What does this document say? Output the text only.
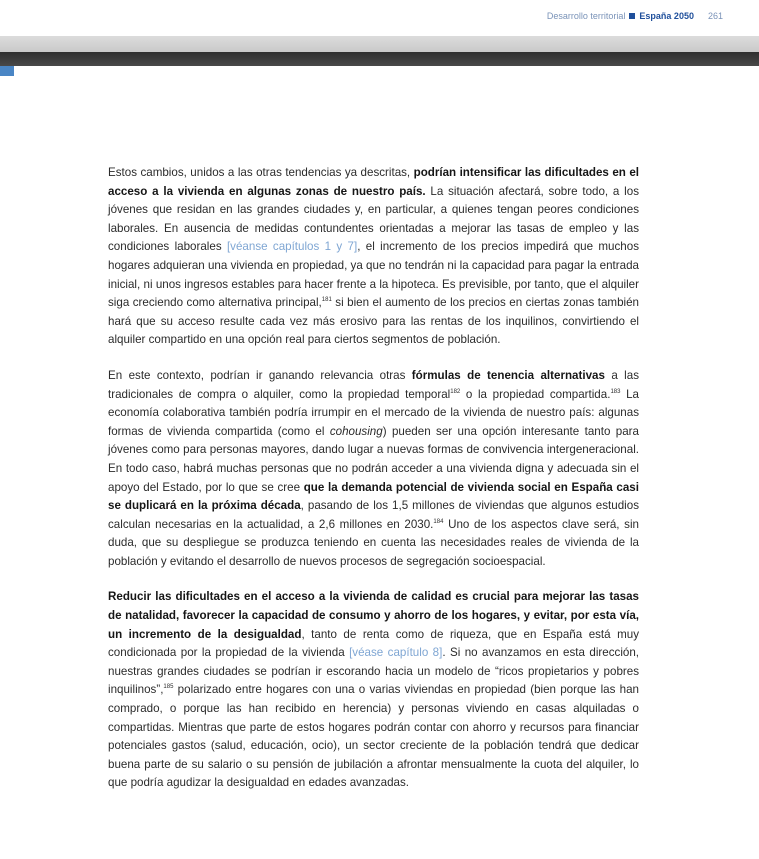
Desarrollo territorial España 2050 261

Estos cambios, unidos a las otras tendencias ya descritas, podrían intensificar las dificultades en el acceso a la vivienda en algunas zonas de nuestro país. La situación afectará, sobre todo, a los jóvenes que residan en las grandes ciudades y, en particular, a quienes tengan peores condiciones laborales. En ausencia de medidas contundentes orientadas a mejorar las tasas de empleo y las condiciones laborales [véanse capítulos 1 y 7], el incremento de los precios impedirá que muchos hogares adquieran una vivienda en propiedad, ya que no tendrán ni la capacidad para pagar la entrada inicial, ni unos ingresos estables para hacer frente a la hipoteca. Es previsible, por tanto, que el alquiler siga creciendo como alternativa principal,$^{181}$ si bien el aumento de los precios en ciertas zonas también hará que su acceso resulte cada vez más erosivo para las rentas de los inquilinos, convirtiendo el alquiler compartido en una opción real para ciertos segmentos de población.

En este contexto, podrían ir ganando relevancia otras fórmulas de tenencia alternativas a las tradicionales de compra o alquiler, como la propiedad temporal$^{182}$ o la propiedad compartida.$^{183}$ La economía colaborativa también podría irrumpir en el mercado de la vivienda de nuestro país: algunas formas de vivienda compartida (como el cohousing) pueden ser una opción interesante tanto para jóvenes como para personas mayores, dando lugar a nuevas formas de convivencia intergeneracional. En todo caso, habrá muchas personas que no podrán acceder a una vivienda digna y adecuada sin el apoyo del Estado, por lo que se cree que la demanda potencial de vivienda social en España casi se duplicará en la próxima década, pasando de los 1,5 millones de viviendas que algunos estudios calculan necesarias en la actualidad, a 2,6 millones en 2030.$^{184}$ Uno de los aspectos clave será, sin duda, que su despliegue se produzca teniendo en cuenta las necesidades reales de vivienda de la población y evitando el desarrollo de nuevos procesos de segregación socioespacial.

Reducir las dificultades en el acceso a la vivienda de calidad es crucial para mejorar las tasas de natalidad, favorecer la capacidad de consumo y ahorro de los hogares, y evitar, por esta vía, un incremento de la desigualdad, tanto de renta como de riqueza, que en España está muy condicionada por la propiedad de la vivienda [véase capítulo 8]. Si no avanzamos en esta dirección, nuestras grandes ciudades se podrían ir escorando hacia un modelo de “ricos propietarios y pobres inquilinos”,$^{185}$ polarizado entre hogares con una o varias viviendas en propiedad (bien porque las han comprado, o porque las han recibido en herencia) y personas viviendo en casas alquiladas o compartidas. Mientras que parte de estos hogares podrán contar con ahorro y recursos para financiar potenciales gastos (salud, educación, ocio), un sector creciente de la población tendrá que dedicar buena parte de su salario o su pensión de jubilación a afrontar mensualmente la cuota del alquiler, lo que podría agudizar la desigualdad en edades avanzadas.
